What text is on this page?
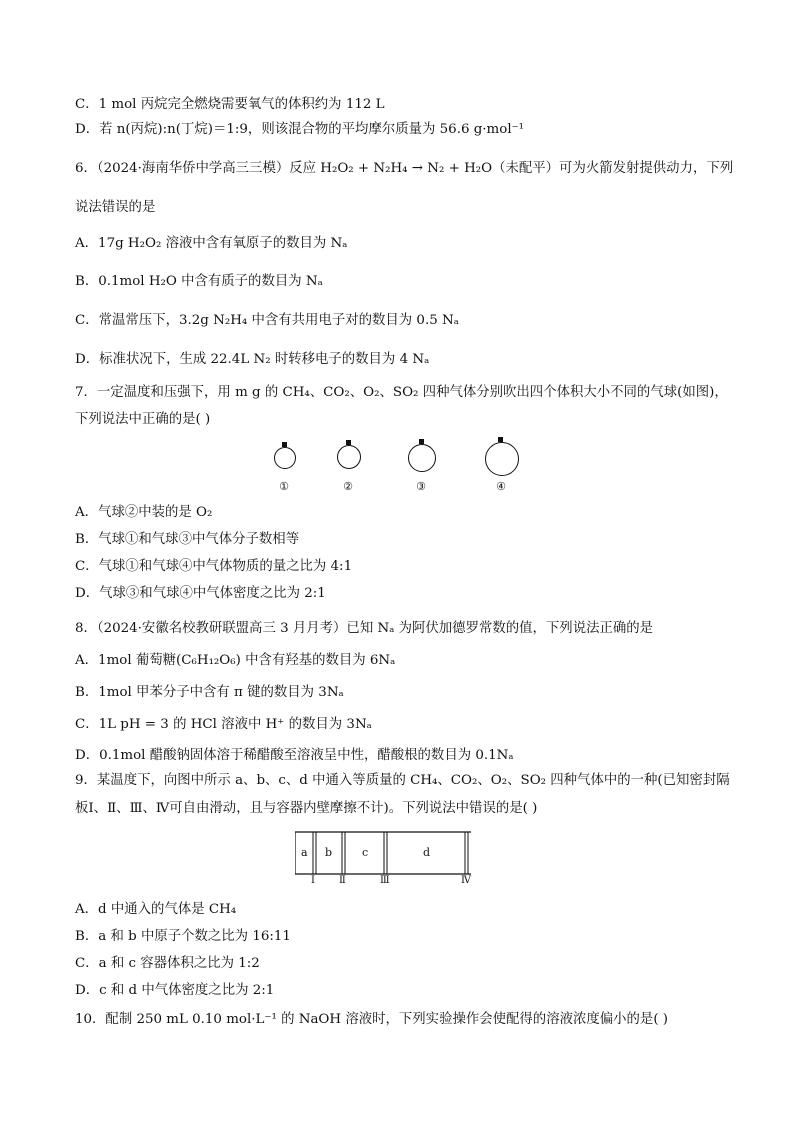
C．1 mol 丙烷完全燃烧需要氧气的体积约为 112 L
D．若 n(丙烷):n(丁烷)＝1:9，则该混合物的平均摩尔质量为 56.6 g·mol⁻¹
6．（2024·海南华侨中学高三三模）反应 H₂O₂ + N₂H₄ → N₂ + H₂O（未配平）可为火箭发射提供动力，下列
说法错误的是
A．17g H₂O₂ 溶液中含有氧原子的数目为 Nₐ
B．0.1mol H₂O 中含有质子的数目为 Nₐ
C．常温常压下，3.2g N₂H₄ 中含有共用电子对的数目为 0.5 Nₐ
D．标准状况下，生成 22.4L N₂ 时转移电子的数目为 4 Nₐ
7．一定温度和压强下，用 m g 的 CH₄、CO₂、O₂、SO₂ 四种气体分别吹出四个体积大小不同的气球(如图)，
下列说法中正确的是( )
①	②	③	④
A．气球②中装的是 O₂
B．气球①和气球③中气体分子数相等
C．气球①和气球④中气体物质的量之比为 4:1
D．气球③和气球④中气体密度之比为 2:1
8．（2024·安徽名校教研联盟高三 3 月月考）已知 Nₐ 为阿伏加德罗常数的值，下列说法正确的是
A．1mol 葡萄糖(C₆H₁₂O₆) 中含有羟基的数目为 6Nₐ
B．1mol 甲苯分子中含有 π 键的数目为 3Nₐ
C．1L pH = 3 的 HCl 溶液中 H⁺ 的数目为 3Nₐ
D．0.1mol 醋酸钠固体溶于稀醋酸至溶液呈中性，醋酸根的数目为 0.1Nₐ
9．某温度下，向图中所示 a、b、c、d 中通入等质量的 CH₄、CO₂、O₂、SO₂ 四种气体中的一种(已知密封隔
板Ⅰ、Ⅱ、Ⅲ、Ⅳ可自由滑动，且与容器内壁摩擦不计)。下列说法中错误的是( )
a b	c	d
Ⅰ Ⅱ	Ⅲ	Ⅳ
A．d 中通入的气体是 CH₄
B．a 和 b 中原子个数之比为 16:11
C．a 和 c 容器体积之比为 1:2
D．c 和 d 中气体密度之比为 2:1
10．配制 250 mL 0.10 mol·L⁻¹ 的 NaOH 溶液时，下列实验操作会使配得的溶液浓度偏小的是( )
